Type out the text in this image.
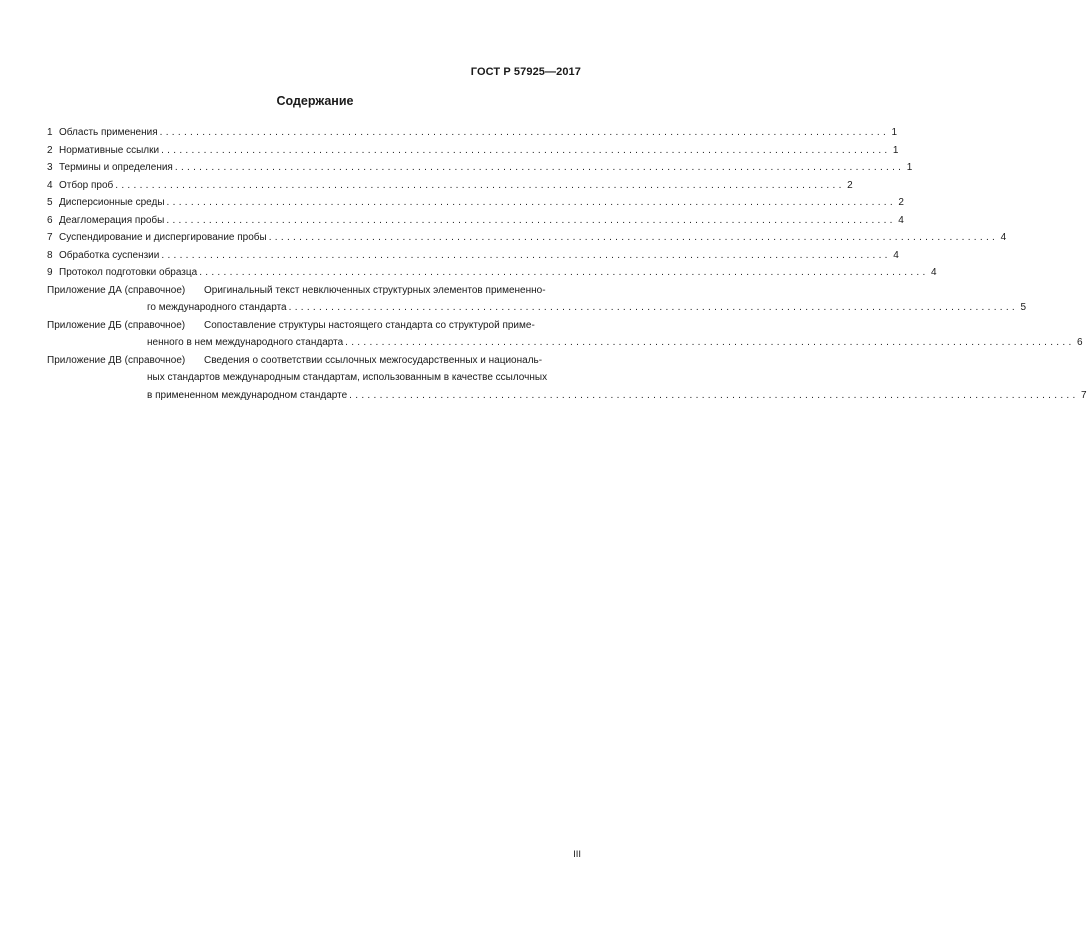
ГОСТ Р 57925—2017
Содержание
1 Область применения ........................................................................................................................ 1
2 Нормативные ссылки ........................................................................................................................ 1
3 Термины и определения ........................................................................................................................ 1
4 Отбор проб ........................................................................................................................ 2
5 Дисперсионные среды ........................................................................................................................ 2
6 Деагломерация пробы ........................................................................................................................ 4
7 Суспендирование и диспергирование пробы ........................................................................................................................ 4
8 Обработка суспензии ........................................................................................................................ 4
9 Протокол подготовки образца ........................................................................................................................ 4
Приложение ДА (справочное)	Оригинальный текст невключенных структурных элементов примененно-
го международного стандарта ........................................................................................................................ 5
Приложение ДБ (справочное)	Сопоставление структуры настоящего стандарта со структурой приме-
ненного в нем международного стандарта ........................................................................................................................ 6
Приложение ДВ (справочное)	Сведения о соответствии ссылочных межгосударственных и националь-
ных стандартов международным стандартам, использованным в качестве ссылочных
в примененном международном стандарте ........................................................................................................................ 7
III
